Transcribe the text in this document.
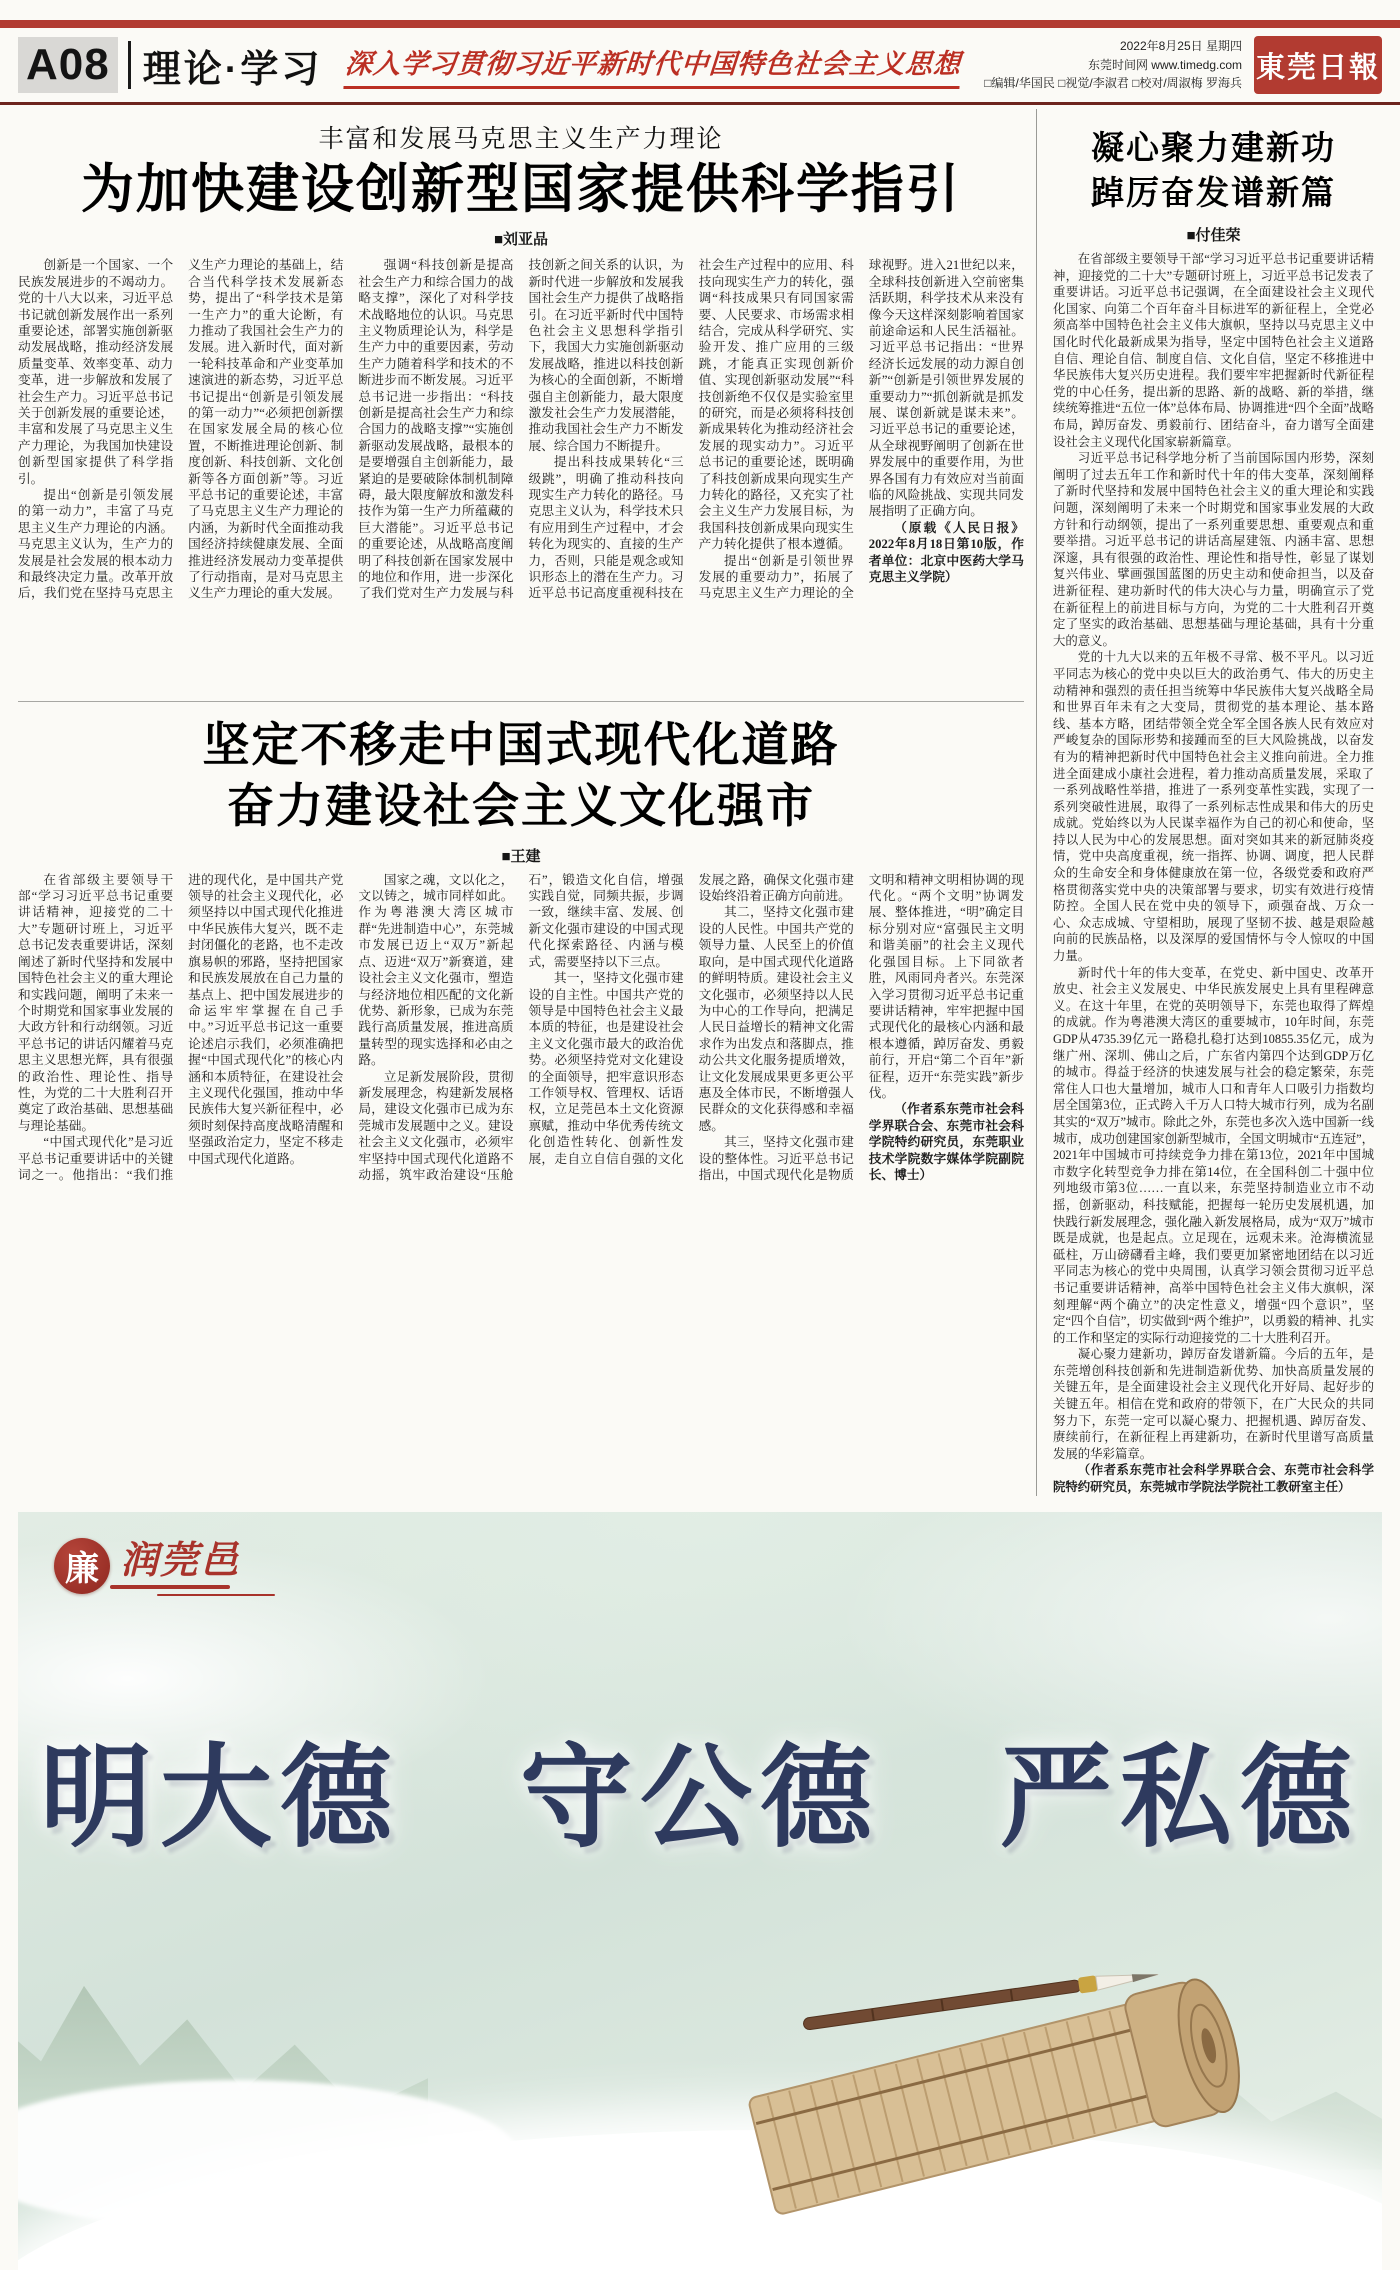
A08 理论·学习 深入学习贯彻习近平新时代中国特色社会主义思想
2022年8月25日 星期四
东莞时间网 www.timedg.com
□编辑/华国民 □视觉/李淑君 □校对/周淑梅 罗海兵 東莞日報
丰富和发展马克思主义生产力理论
为加快建设创新型国家提供科学指引
■刘亚品

创新是一个国家、一个民族发展进步的不竭动力。党的十八大以来，习近平总书记就创新发展作出一系列重要论述，部署实施创新驱动发展战略，推动经济发展质量变革、效率变革、动力变革，进一步解放和发展了社会生产力。习近平总书记关于创新发展的重要论述，丰富和发展了马克思主义生产力理论，为我国加快建设创新型国家提供了科学指引。

提出“创新是引领发展的第一动力”，丰富了马克思主义生产力理论的内涵。马克思主义认为，生产力的发展是社会发展的根本动力和最终决定力量。改革开放后，我们党在坚持马克思主义生产力理论的基础上，结合当代科学技术发展新态势，提出了“科学技术是第一生产力”的重大论断，有力推动了我国社会生产力的发展。进入新时代，面对新一轮科技革命和产业变革加速演进的新态势，习近平总书记提出“创新是引领发展的第一动力”“必须把创新摆在国家发展全局的核心位置，不断推进理论创新、制度创新、科技创新、文化创新等各方面创新”等。习近平总书记的重要论述，丰富了马克思主义生产力理论的内涵，为新时代全面推动我国经济持续健康发展、全面推进经济发展动力变革提供了行动指南，是对马克思主义生产力理论的重大发展。

强调“科技创新是提高社会生产力和综合国力的战略支撑”，深化了对科学技术战略地位的认识。马克思主义物质理论认为，科学是生产力中的重要因素，劳动生产力随着科学和技术的不断进步而不断发展。习近平总书记进一步指出：“科技创新是提高社会生产力和综合国力的战略支撑”“实施创新驱动发展战略，最根本的是要增强自主创新能力，最紧迫的是要破除体制机制障碍，最大限度解放和激发科技作为第一生产力所蕴藏的巨大潜能”。习近平总书记的重要论述，从战略高度阐明了科技创新在国家发展中的地位和作用，进一步深化了我们党对生产力发展与科技创新之间关系的认识，为新时代进一步解放和发展我国社会生产力提供了战略指引。在习近平新时代中国特色社会主义思想科学指引下，我国大力实施创新驱动发展战略，推进以科技创新为核心的全面创新，不断增强自主创新能力，最大限度激发社会生产力发展潜能，推动我国社会生产力不断发展、综合国力不断提升。

提出科技成果转化“三级跳”，明确了推动科技向现实生产力转化的路径。马克思主义认为，科学技术只有应用到生产过程中，才会转化为现实的、直接的生产力，否则，只能是观念或知识形态上的潜在生产力。习近平总书记高度重视科技在社会生产过程中的应用、科技向现实生产力的转化，强调“科技成果只有同国家需要、人民要求、市场需求相结合，完成从科学研究、实验开发、推广应用的三级跳，才能真正实现创新价值、实现创新驱动发展”“科技创新绝不仅仅是实验室里的研究，而是必须将科技创新成果转化为推动经济社会发展的现实动力”。习近平总书记的重要论述，既明确了科技创新成果向现实生产力转化的路径，又充实了社会主义生产力发展目标，为我国科技创新成果向现实生产力转化提供了根本遵循。

提出“创新是引领世界发展的重要动力”，拓展了马克思主义生产力理论的全球视野。进入21世纪以来，全球科技创新进入空前密集活跃期，科学技术从来没有像今天这样深刻影响着国家前途命运和人民生活福祉。习近平总书记指出：“世界经济长远发展的动力源自创新”“创新是引领世界发展的重要动力”“抓创新就是抓发展、谋创新就是谋未来”。习近平总书记的重要论述，从全球视野阐明了创新在世界发展中的重要作用，为世界各国有力有效应对当前面临的风险挑战、实现共同发展指明了正确方向。

（原载《人民日报》2022年8月18日第10版，作者单位：北京中医药大学马克思主义学院）

坚定不移走中国式现代化道路
奋力建设社会主义文化强市
■王建

在省部级主要领导干部“学习习近平总书记重要讲话精神，迎接党的二十大”专题研讨班上，习近平总书记发表重要讲话，深刻阐述了新时代坚持和发展中国特色社会主义的重大理论和实践问题，阐明了未来一个时期党和国家事业发展的大政方针和行动纲领。习近平总书记的讲话闪耀着马克思主义思想光辉，具有很强的政治性、理论性、指导性，为党的二十大胜利召开奠定了政治基础、思想基础与理论基础。

“中国式现代化”是习近平总书记重要讲话中的关键词之一。他指出：“我们推进的现代化，是中国共产党领导的社会主义现代化，必须坚持以中国式现代化推进中华民族伟大复兴，既不走封闭僵化的老路，也不走改旗易帜的邪路，坚持把国家和民族发展放在自己力量的基点上、把中国发展进步的命运牢牢掌握在自己手中。”习近平总书记这一重要论述启示我们，必须准确把握“中国式现代化”的核心内涵和本质特征，在建设社会主义现代化强国，推动中华民族伟大复兴新征程中，必须时刻保持高度战略清醒和坚强政治定力，坚定不移走中国式现代化道路。

国家之魂，文以化之，文以铸之，城市同样如此。作为粤港澳大湾区城市群“先进制造中心”，东莞城市发展已迈上“双万”新起点、迈进“双万”新赛道，建设社会主义文化强市，塑造与经济地位相匹配的文化新优势、新形象，已成为东莞践行高质量发展，推进高质量转型的现实选择和必由之路。

立足新发展阶段，贯彻新发展理念，构建新发展格局，建设文化强市已成为东莞城市发展题中之义。建设社会主义文化强市，必须牢牢坚持中国式现代化道路不动摇，筑牢政治建设“压舱石”，锻造文化自信，增强实践自觉，同频共振，步调一致，继续丰富、发展、创新文化强市建设的中国式现代化探索路径、内涵与模式，需要坚持以下三点。

其一，坚持文化强市建设的自主性。中国共产党的领导是中国特色社会主义最本质的特征，也是建设社会主义文化强市最大的政治优势。必须坚持党对文化建设的全面领导，把牢意识形态工作领导权、管理权、话语权，立足莞邑本土文化资源禀赋，推动中华优秀传统文化创造性转化、创新性发展，走自立自信自强的文化发展之路，确保文化强市建设始终沿着正确方向前进。

其二，坚持文化强市建设的人民性。中国共产党的领导力量、人民至上的价值取向，是中国式现代化道路的鲜明特质。建设社会主义文化强市，必须坚持以人民为中心的工作导向，把满足人民日益增长的精神文化需求作为出发点和落脚点，推动公共文化服务提质增效，让文化发展成果更多更公平惠及全体市民，不断增强人民群众的文化获得感和幸福感。

其三，坚持文化强市建设的整体性。习近平总书记指出，中国式现代化是物质文明和精神文明相协调的现代化。“两个文明”协调发展、整体推进，“明”确定目标分别对应“富强民主文明和谐美丽”的社会主义现代化强国目标。上下同欲者胜，风雨同舟者兴。东莞深入学习贯彻习近平总书记重要讲话精神，牢牢把握中国式现代化的最核心内涵和最根本遵循，踔厉奋发、勇毅前行，开启“第二个百年”新征程，迈开“东莞实践”新步伐。

（作者系东莞市社会科学界联合会、东莞市社会科学院特约研究员，东莞职业技术学院数字媒体学院副院长、博士）

凝心聚力建新功
踔厉奋发谱新篇
■付佳荣

在省部级主要领导干部“学习习近平总书记重要讲话精神，迎接党的二十大”专题研讨班上，习近平总书记发表了重要讲话。习近平总书记强调，在全面建设社会主义现代化国家、向第二个百年奋斗目标进军的新征程上，全党必须高举中国特色社会主义伟大旗帜，坚持以马克思主义中国化时代化最新成果为指导，坚定中国特色社会主义道路自信、理论自信、制度自信、文化自信，坚定不移推进中华民族伟大复兴历史进程。我们要牢牢把握新时代新征程党的中心任务，提出新的思路、新的战略、新的举措，继续统筹推进“五位一体”总体布局、协调推进“四个全面”战略布局，踔厉奋发、勇毅前行、团结奋斗，奋力谱写全面建设社会主义现代化国家崭新篇章。

习近平总书记科学地分析了当前国际国内形势，深刻阐明了过去五年工作和新时代十年的伟大变革，深刻阐释了新时代坚持和发展中国特色社会主义的重大理论和实践问题，深刻阐明了未来一个时期党和国家事业发展的大政方针和行动纲领，提出了一系列重要思想、重要观点和重要举措。习近平总书记的讲话高屋建瓴、内涵丰富、思想深邃，具有很强的政治性、理论性和指导性，彰显了谋划复兴伟业、擘画强国蓝图的历史主动和使命担当，以及奋进新征程、建功新时代的伟大决心与力量，明确宣示了党在新征程上的前进目标与方向，为党的二十大胜利召开奠定了坚实的政治基础、思想基础与理论基础，具有十分重大的意义。

党的十九大以来的五年极不寻常、极不平凡。以习近平同志为核心的党中央以巨大的政治勇气、伟大的历史主动精神和强烈的责任担当统筹中华民族伟大复兴战略全局和世界百年未有之大变局，贯彻党的基本理论、基本路线、基本方略，团结带领全党全军全国各族人民有效应对严峻复杂的国际形势和接踵而至的巨大风险挑战，以奋发有为的精神把新时代中国特色社会主义推向前进。全力推进全面建成小康社会进程，着力推动高质量发展，采取了一系列战略性举措，推进了一系列变革性实践，实现了一系列突破性进展，取得了一系列标志性成果和伟大的历史成就。党始终以为人民谋幸福作为自己的初心和使命，坚持以人民为中心的发展思想。面对突如其来的新冠肺炎疫情，党中央高度重视，统一指挥、协调、调度，把人民群众的生命安全和身体健康放在第一位，各级党委和政府严格贯彻落实党中央的决策部署与要求，切实有效进行疫情防控。全国人民在党中央的领导下，顽强奋战、万众一心、众志成城、守望相助，展现了坚韧不拔、越是艰险越向前的民族品格，以及深厚的爱国情怀与令人惊叹的中国力量。

新时代十年的伟大变革，在党史、新中国史、改革开放史、社会主义发展史、中华民族发展史上具有里程碑意义。在这十年里，在党的英明领导下，东莞也取得了辉煌的成就。作为粤港澳大湾区的重要城市，10年时间，东莞GDP从4735.39亿元一路稳扎稳打达到10855.35亿元，成为继广州、深圳、佛山之后，广东省内第四个达到GDP万亿的城市。得益于经济的快速发展与社会的稳定繁荣，东莞常住人口也大量增加，城市人口和青年人口吸引力指数均居全国第3位，正式跨入千万人口特大城市行列，成为名副其实的“双万”城市。除此之外，东莞也多次入选中国新一线城市，成功创建国家创新型城市，全国文明城市“五连冠”，2021年中国城市可持续竞争力排在第13位，2021年中国城市数字化转型竞争力排在第14位，在全国科创二十强中位列地级市第3位……一直以来，东莞坚持制造业立市不动摇，创新驱动，科技赋能，把握每一轮历史发展机遇，加快践行新发展理念，强化融入新发展格局，成为“双万”城市既是成就，也是起点。立足现在，远观未来。沧海横流显砥柱，万山磅礴看主峰，我们要更加紧密地团结在以习近平同志为核心的党中央周围，认真学习领会贯彻习近平总书记重要讲话精神，高举中国特色社会主义伟大旗帜，深刻理解“两个确立”的决定性意义，增强“四个意识”，坚定“四个自信”，切实做到“两个维护”，以勇毅的精神、扎实的工作和坚定的实际行动迎接党的二十大胜利召开。

凝心聚力建新功，踔厉奋发谱新篇。今后的五年，是东莞增创科技创新和先进制造新优势、加快高质量发展的关键五年，是全面建设社会主义现代化开好局、起好步的关键五年。相信在党和政府的带领下，在广大民众的共同努力下，东莞一定可以凝心聚力、把握机遇、踔厉奋发、赓续前行，在新征程上再建新功，在新时代里谱写高质量发展的华彩篇章。

（作者系东莞市社会科学界联合会、东莞市社会科学院特约研究员，东莞城市学院法学院社工教研室主任）

廉 润莞邑
明大德　守公德　严私德
